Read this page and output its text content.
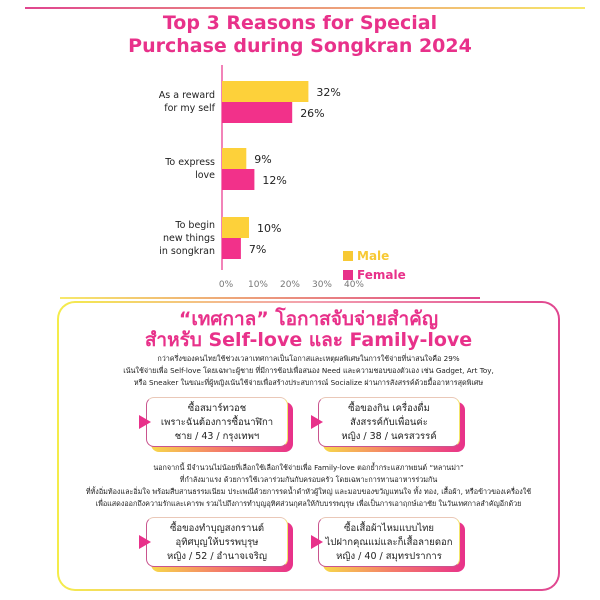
Top 3 Reasons for Special
Purchase during Songkran 2024
32%
26%
9%
12%
10%
7%
0% 10% 20% 30% 40%
As a reward
for my self
To express
love
To begin
new things
in songkran	Male
Female
“เทศกาล” โอกาสจับจ่ายสำคัญ
สำหรับ Self-love และ Family-love
กว่าครึ่งของคนไทยใช้ช่วงเวลาเทศกาลเป็นโอกาสและเหตุผลพิเศษในการใช้จ่ายที่น่าสนใจคือ 29%
เน้นใช้จ่ายเพื่อ Self-love โดยเฉพาะผู้ชาย ที่มีการช้อปเพื่อสนอง Need และความชอบของตัวเอง เช่น Gadget, Art Toy,
หรือ Sneaker ในขณะที่ผู้หญิงเน้นใช้จ่ายเพื่อสร้างประสบการณ์ Socialize ผ่านการสังสรรค์ด้วยมื้ออาหารสุดพิเศษ
นอกจากนี้ มีจำนวนไม่น้อยที่เลือกใช้เลือกใช้จ่ายเพื่อ Family-love ตอกย้ำกระแสภาพยนต์ “หลานม่า”
ที่กำลังมาแรง ด้วยการใช้เวลาร่วมกันกับครอบครัว โดยเฉพาะการทานอาหารร่วมกัน
ที่ทั้งอิ่มท้องและอิ่มใจ พร้อมสืบสานธรรมเนียม ประเพณีด้วยการรดน้ำดำหัวผู้ใหญ่ และมอบของขวัญแทนใจ ทั้ง ทอง, เสื้อผ้า, หรือข้าวของเครื่องใช้
เพื่อแสดงออกถึงความรักและเคารพ รวมไปถึงการทำบุญอุทิศส่วนกุศลให้กับบรรพบุรุษ เพื่อเป็นการเอาฤกษ์เอาชัย ในวันเทศกาลสำคัญอีกด้วย
ซื้อสมาร์ทวอช
เพราะฉันต้องการซื้อนาฬิกา
ชาย / 43 / กรุงเทพฯ
ซื้อของกิน เครื่องดื่ม
สังสรรค์กับเพื่อนค่ะ
หญิง / 38 / นครสวรรค์
ซื้อของทำบุญสงกรานต์
อุทิศบุญให้บรรพบุรุษ
หญิง / 52 / อำนาจเจริญ
ซื้อเสื้อผ้าไหมแบบไทย
ไปฝากคุณแม่และก็เสื้อลายดอก
หญิง / 40 / สมุทรปราการ
